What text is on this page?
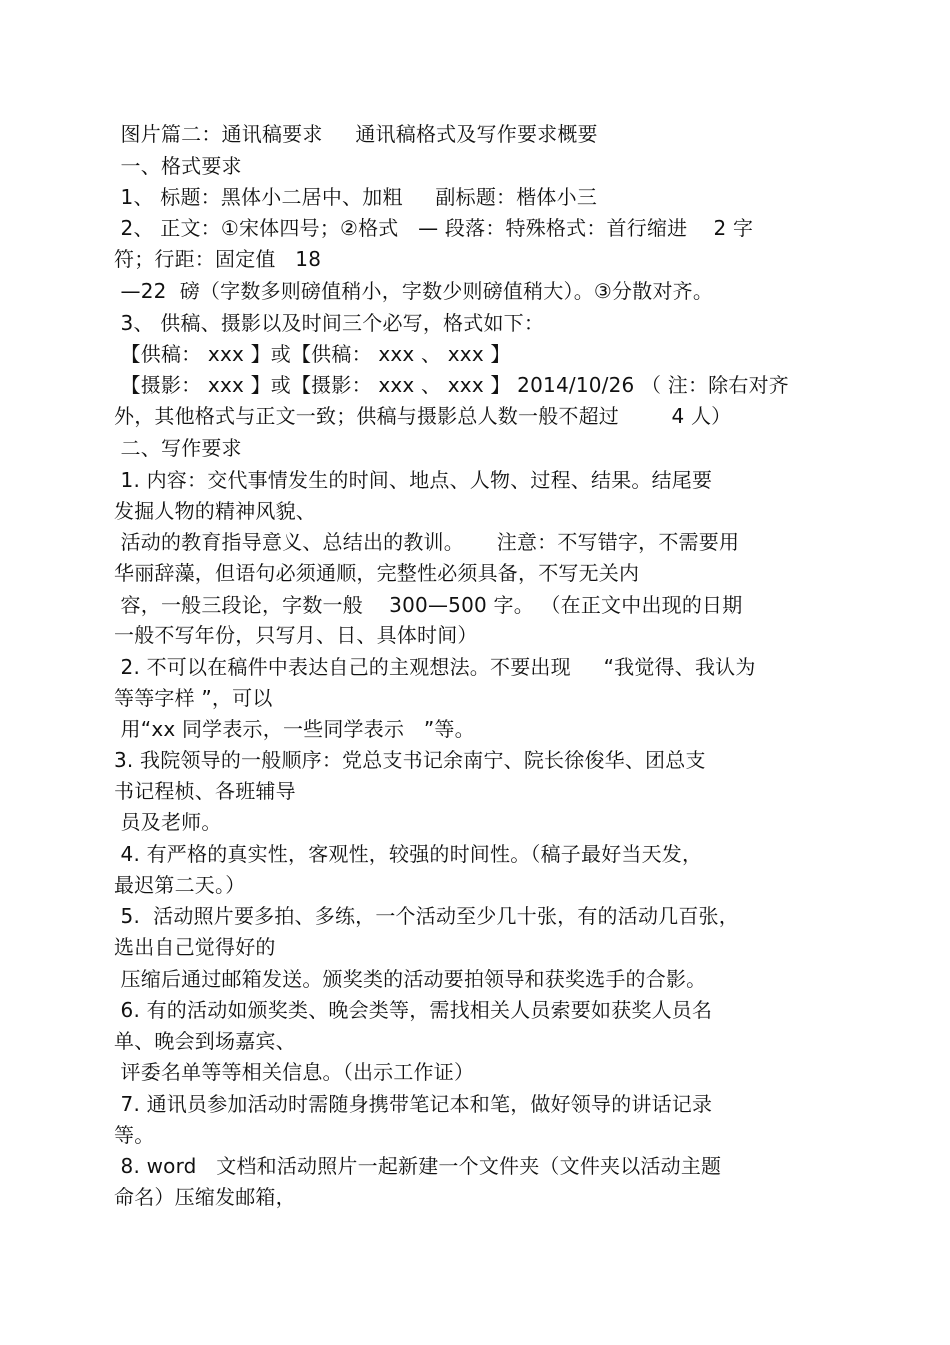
图片篇二：通讯稿要求     通讯稿格式及写作要求概要
一、格式要求
1、 标题：黑体小二居中、加粗     副标题：楷体小三
2、 正文：①宋体四号；②格式   — 段落：特殊格式：首行缩进    2 字
符；行距：固定值   18
—22  磅（字数多则磅值稍小，字数少则磅值稍大）。③分散对齐。
3、 供稿、摄影以及时间三个必写，格式如下：
【供稿： xxx 】或【供稿： xxx 、 xxx 】
【摄影： xxx 】或【摄影： xxx 、 xxx 】 2014/10/26 （ 注：除右对齐
外，其他格式与正文一致；供稿与摄影总人数一般不超过        4 人）
二、写作要求
1. 内容：交代事情发生的时间、地点、人物、过程、结果。结尾要
发掘人物的精神风貌、
活动的教育指导意义、总结出的教训。     注意：不写错字，不需要用
华丽辞藻，但语句必须通顺，完整性必须具备，不写无关内
容，一般三段论，字数一般    300—500 字。 （在正文中出现的日期
一般不写年份，只写月、日、具体时间）
2. 不可以在稿件中表达自己的主观想法。不要出现     “我觉得、我认为
等等字样 ”，可以
用“xx 同学表示，一些同学表示   ”等。
3. 我院领导的一般顺序：党总支书记余南宁、院长徐俊华、团总支
书记程桢、各班辅导
员及老师。
4. 有严格的真实性，客观性，较强的时间性。（稿子最好当天发，
最迟第二天。）
5.  活动照片要多拍、多练，一个活动至少几十张，有的活动几百张，
选出自己觉得好的
压缩后通过邮箱发送。颁奖类的活动要拍领导和获奖选手的合影。
6. 有的活动如颁奖类、晚会类等，需找相关人员索要如获奖人员名
单、晚会到场嘉宾、
评委名单等等相关信息。（出示工作证）
7. 通讯员参加活动时需随身携带笔记本和笔，做好领导的讲话记录
等。
8. word   文档和活动照片一起新建一个文件夹（文件夹以活动主题
命名）压缩发邮箱，
